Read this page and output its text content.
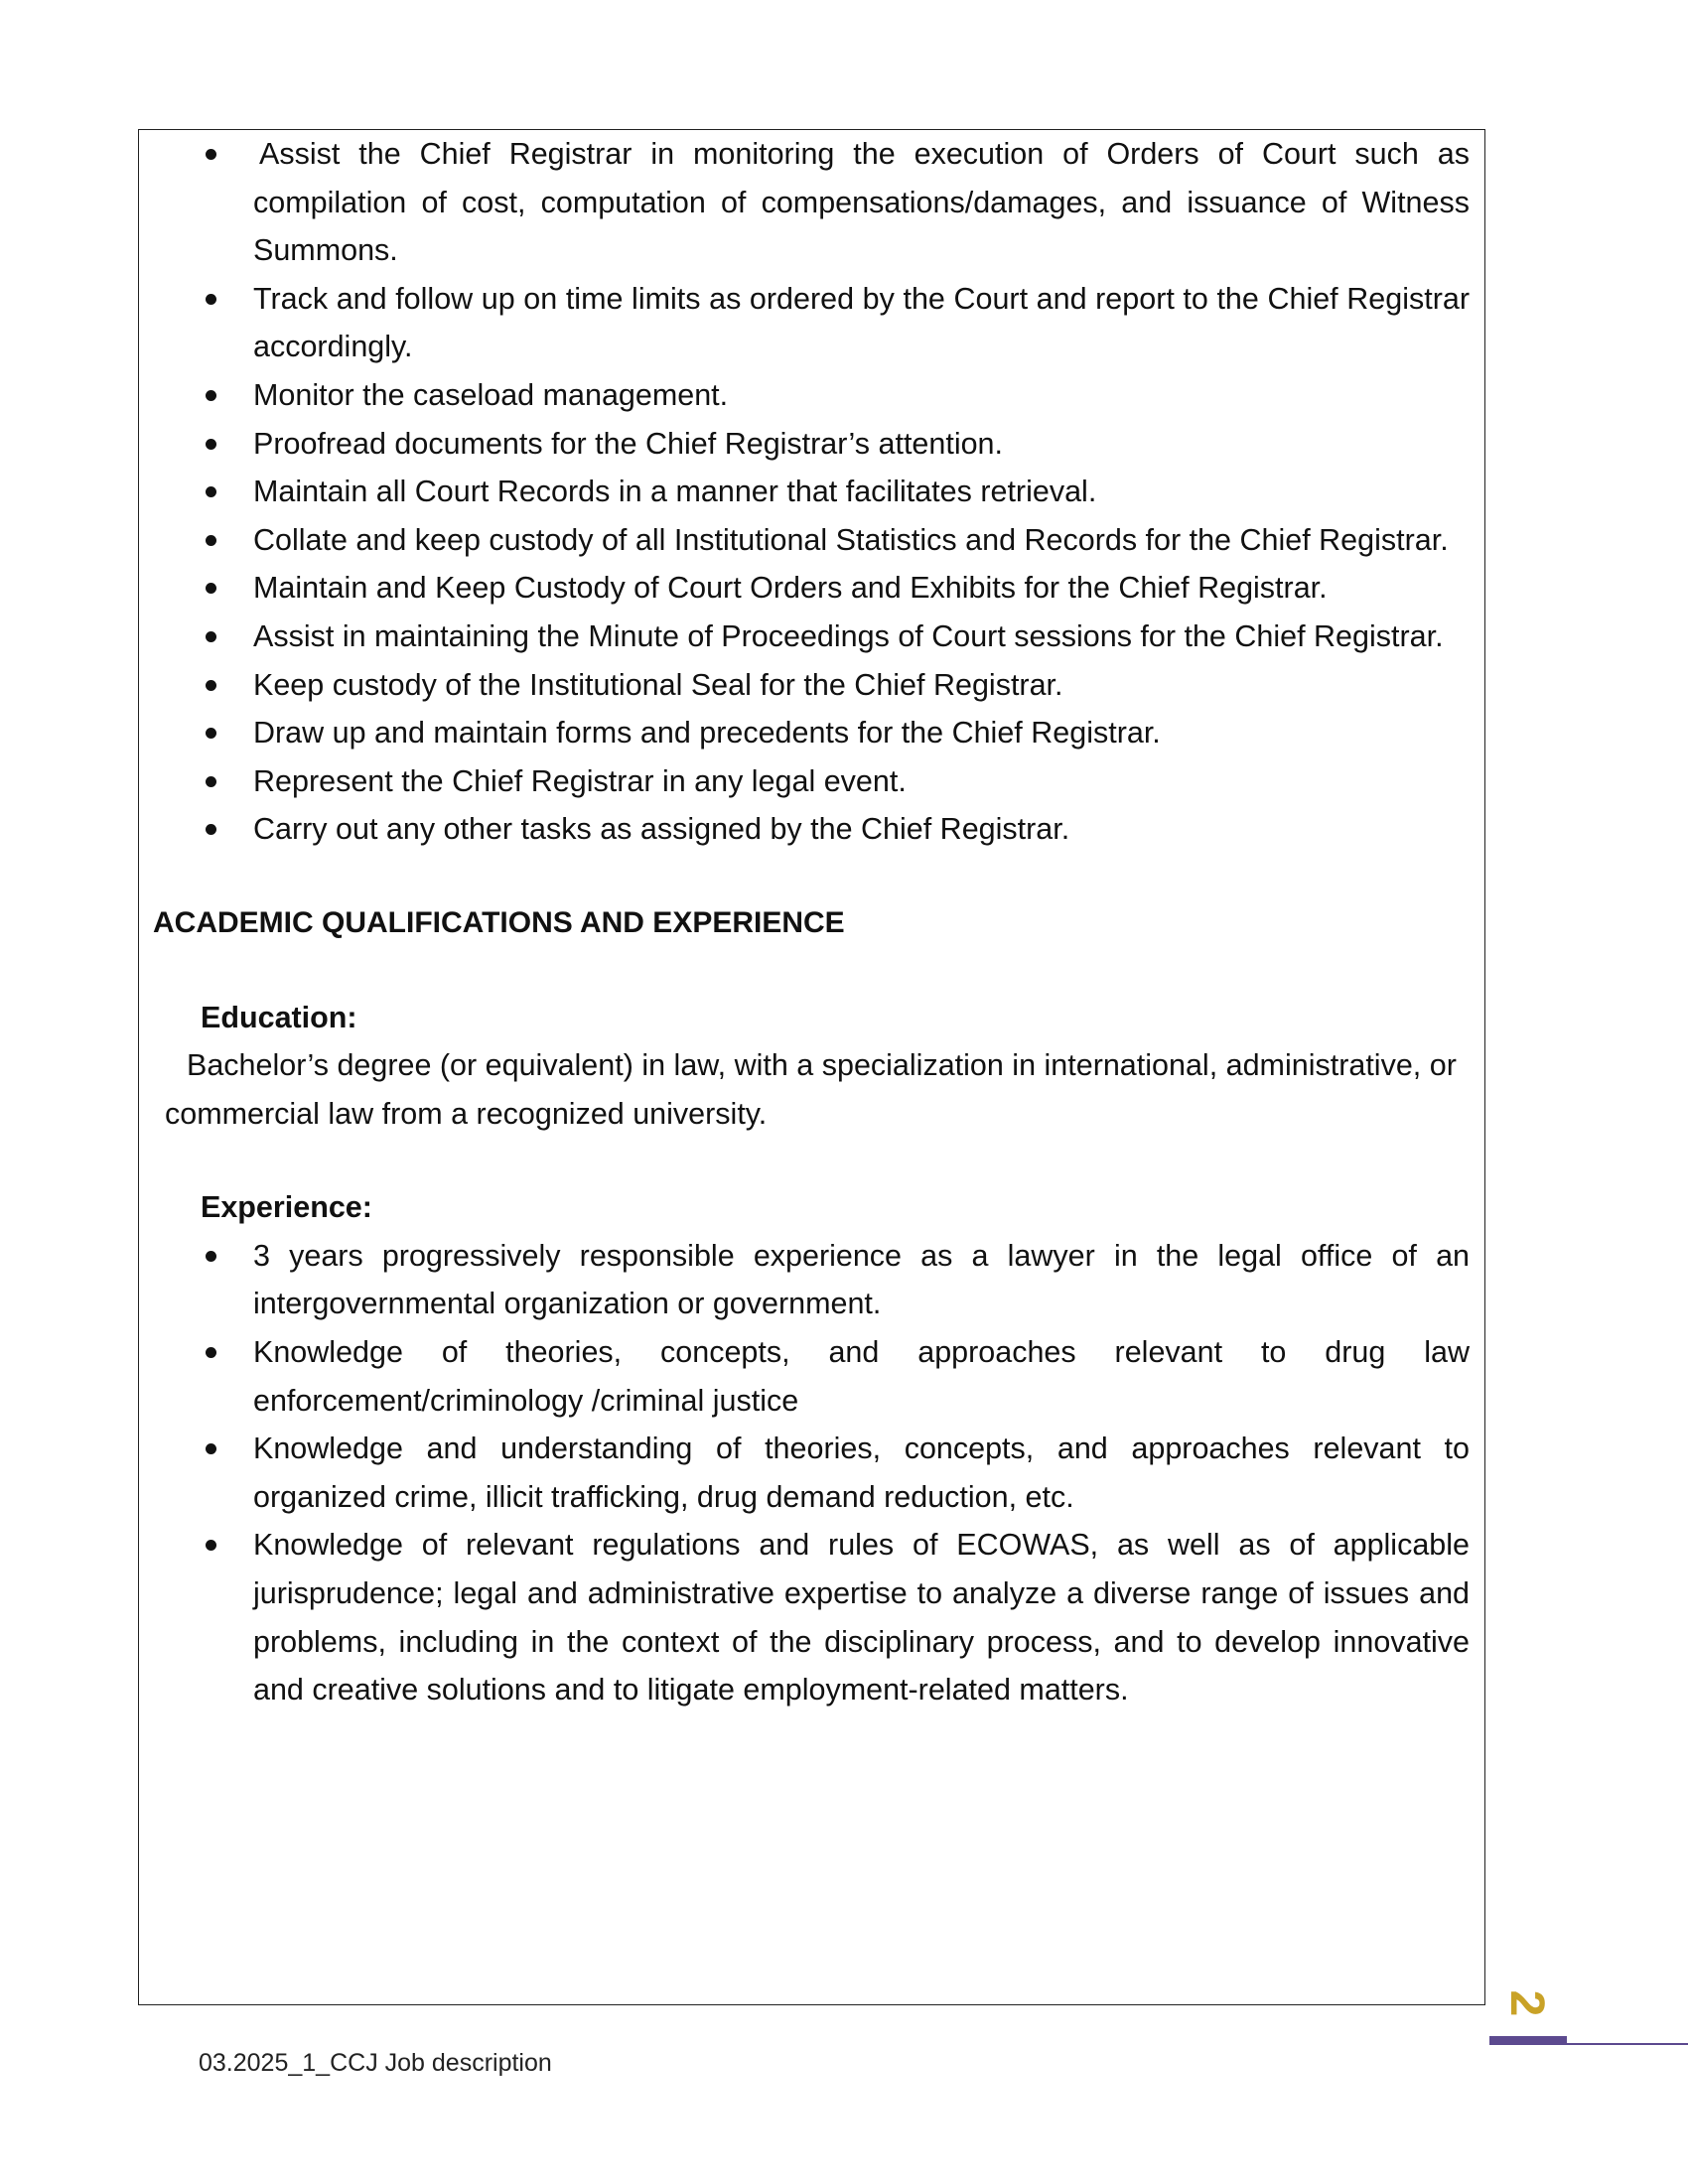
Assist the Chief Registrar in monitoring the execution of Orders of Court such as compilation of cost, computation of compensations/damages, and issuance of Witness Summons.
Track and follow up on time limits as ordered by the Court and report to the Chief Registrar accordingly.
Monitor the caseload management.
Proofread documents for the Chief Registrar’s attention.
Maintain all Court Records in a manner that facilitates retrieval.
Collate and keep custody of all Institutional Statistics and Records for the Chief Registrar.
Maintain and Keep Custody of Court Orders and Exhibits for the Chief Registrar.
Assist in maintaining the Minute of Proceedings of Court sessions for the Chief Registrar.
Keep custody of the Institutional Seal for the Chief Registrar.
Draw up and maintain forms and precedents for the Chief Registrar.
Represent the Chief Registrar in any legal event.
Carry out any other tasks as assigned by the Chief Registrar.
ACADEMIC QUALIFICATIONS AND EXPERIENCE
Education:

Bachelor’s degree (or equivalent) in law, with a specialization in international, administrative, or commercial law from a recognized university.

Experience:
3 years progressively responsible experience as a lawyer in the legal office of an intergovernmental organization or government.
Knowledge of theories, concepts, and approaches relevant to drug law enforcement/criminology /criminal justice
Knowledge and understanding of theories, concepts, and approaches relevant to organized crime, illicit trafficking, drug demand reduction, etc.
Knowledge of relevant regulations and rules of ECOWAS, as well as of applicable jurisprudence; legal and administrative expertise to analyze a diverse range of issues and problems, including in the context of the disciplinary process, and to develop innovative and creative solutions and to litigate employment-related matters.
03.2025_1_CCJ Job description
2
